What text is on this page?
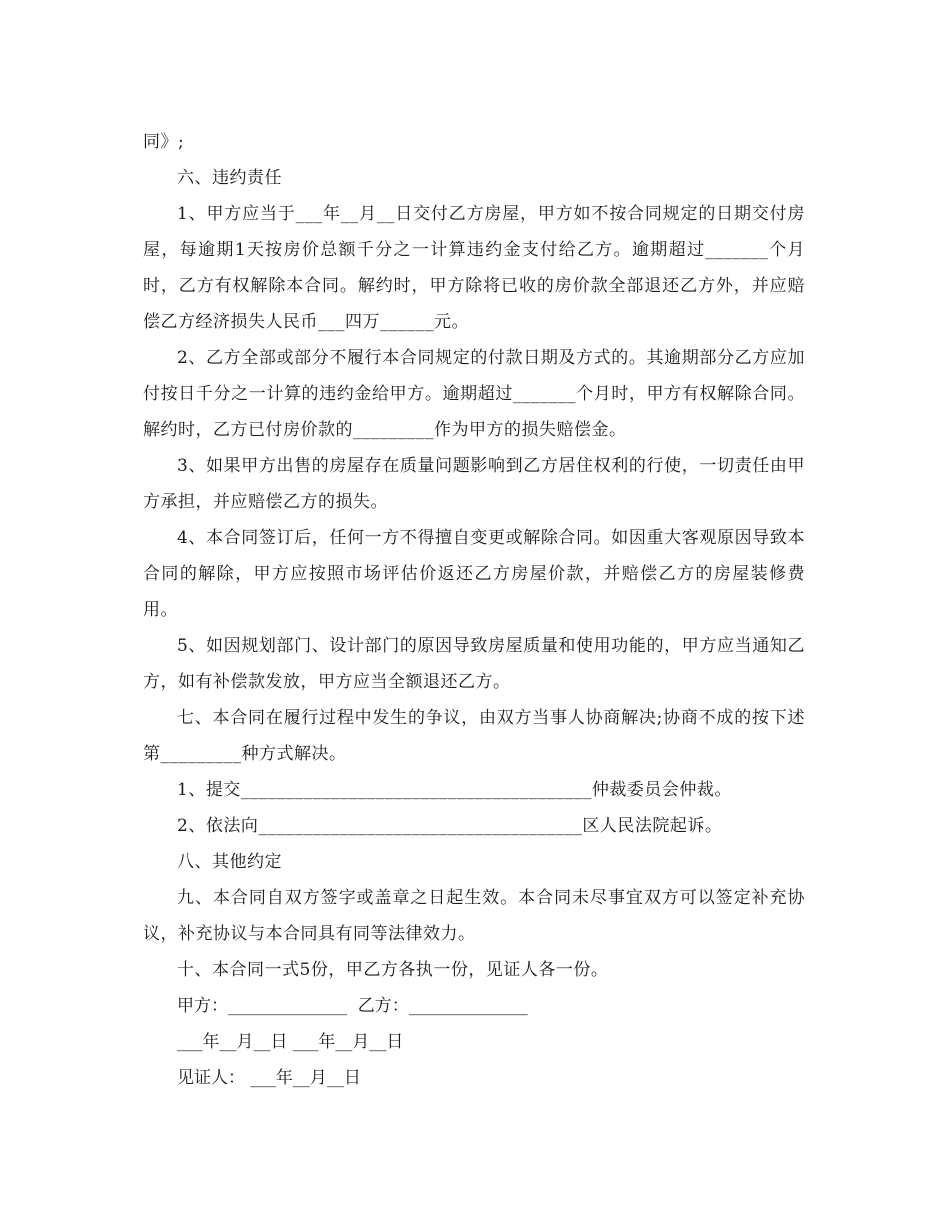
同》;

六、违约责任

1、甲方应当于___年__月__日交付乙方房屋，甲方如不按合同规定的日期交付房屋，每逾期1天按房价总额千分之一计算违约金支付给乙方。逾期超过_______个月时，乙方有权解除本合同。解约时，甲方除将已收的房价款全部退还乙方外，并应赔偿乙方经济损失人民币___四万______元。

2、乙方全部或部分不履行本合同规定的付款日期及方式的。其逾期部分乙方应加付按日千分之一计算的违约金给甲方。逾期超过_______个月时，甲方有权解除合同。解约时，乙方已付房价款的_________作为甲方的损失赔偿金。

3、如果甲方出售的房屋存在质量问题影响到乙方居住权利的行使，一切责任由甲方承担，并应赔偿乙方的损失。

4、本合同签订后，任何一方不得擅自变更或解除合同。如因重大客观原因导致本合同的解除，甲方应按照市场评估价返还乙方房屋价款，并赔偿乙方的房屋装修费用。

5、如因规划部门、设计部门的原因导致房屋质量和使用功能的，甲方应当通知乙方，如有补偿款发放，甲方应当全额退还乙方。

七、本合同在履行过程中发生的争议，由双方当事人协商解决;协商不成的按下述第_________种方式解决。

1、提交_______________________________________仲裁委员会仲裁。

2、依法向____________________________________区人民法院起诉。

八、其他约定

九、本合同自双方签字或盖章之日起生效。本合同未尽事宜双方可以签定补充协议，补充协议与本合同具有同等法律效力。

十、本合同一式5份，甲乙方各执一份，见证人各一份。

甲方：______________  乙方：______________

___年__月__日 ___年__月__日

见证人： ___年__月__日
